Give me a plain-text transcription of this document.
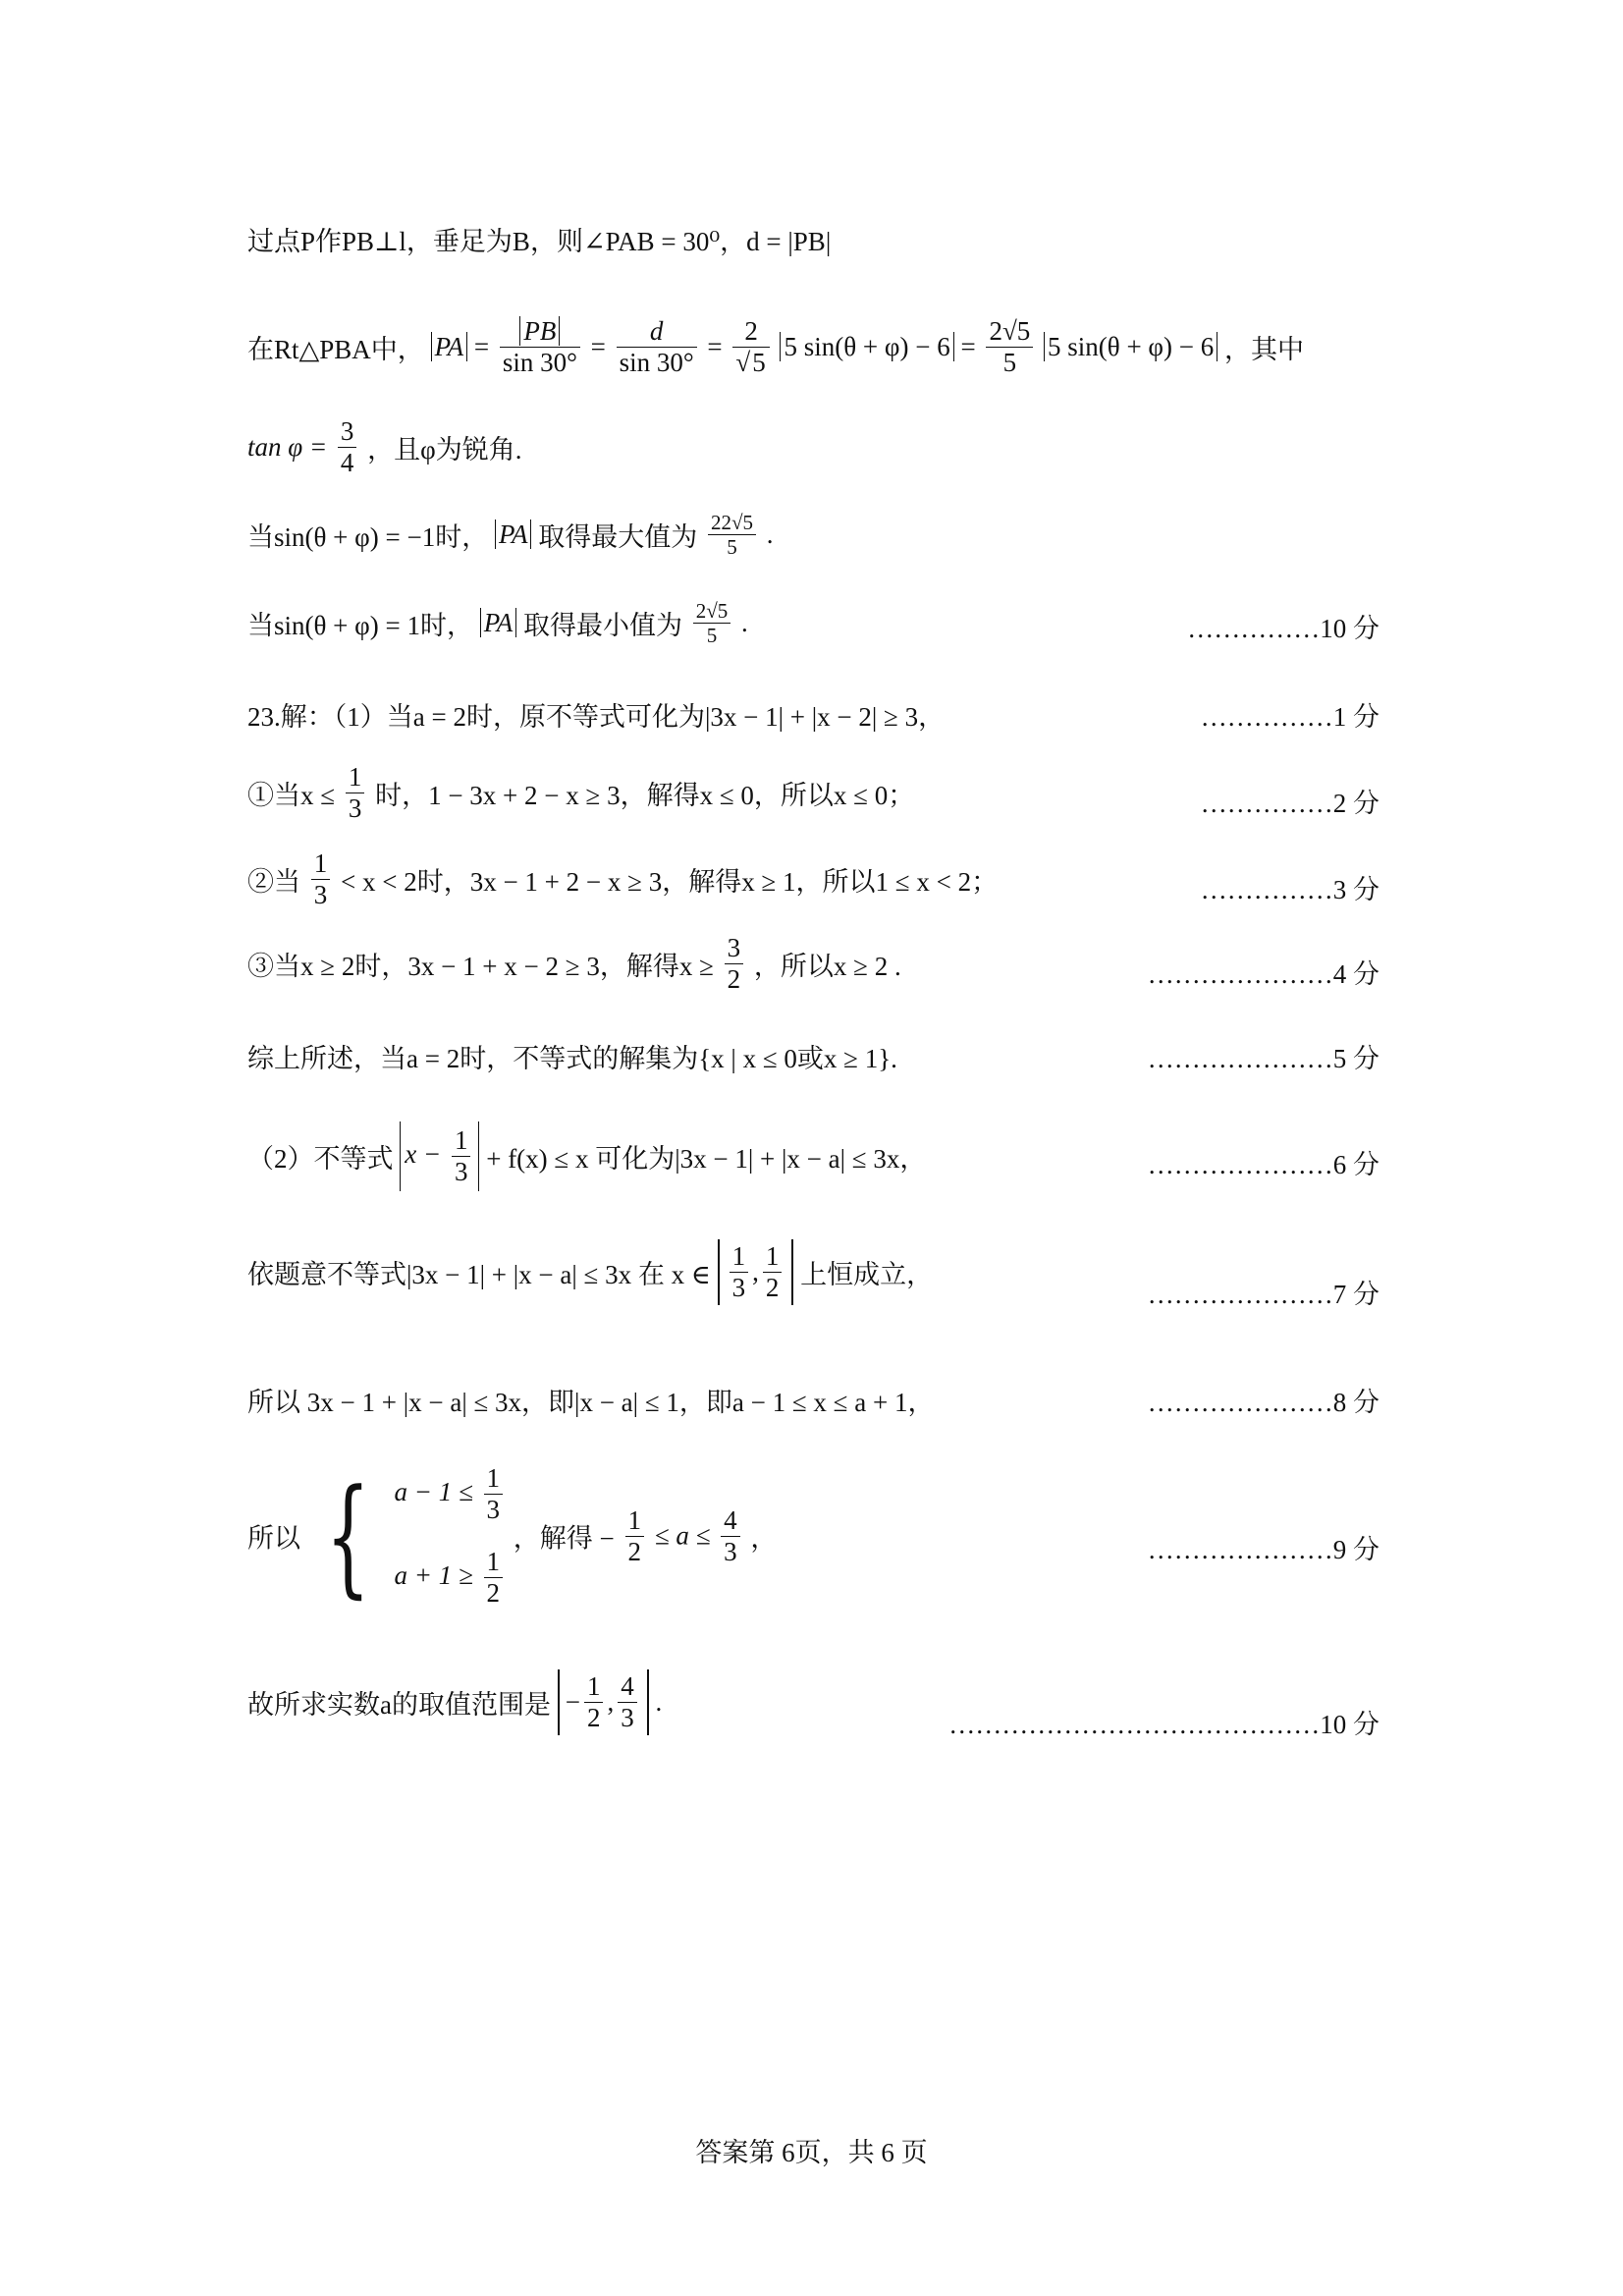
过点P作PB⊥l，垂足为B，则∠PAB = 30⁰，d = |PB|
在Rt△PBA中， PA = $\frac{PB}{\sin 30^\circ} = \frac{d}{\sin 30^\circ} = \frac{2}{√5} 5$ $\sin(\theta + \varphi) - 6 = \frac{2√5}{5} 5$ sin(θ + φ) − 6 ，其中
$\tan \varphi = \frac{3}{4}$ ，且φ为锐角.
当sin(θ + φ) = −1时， PA 取得最大值为 $\frac{22√5}{5}$ .
当sin(θ + φ) = 1时， PA 取得最小值为 $\frac{2√5}{5}$ .	……………10 分
23.解：（1）当a = 2时，原不等式可化为|3x − 1| + |x − 2| ≥ 3，	……………1 分
①当$x \le \frac{1}{3}$ 时，1 − 3x + 2 − x ≥ 3，解得x ≤ 0，所以x ≤ 0；	……………2 分
②当 $\frac{1}{3} < x < 2$时，3x − 1 + 2 − x ≥ 3，解得x ≥ 1，所以1 ≤ x < 2；	……………3 分
③当x ≥ 2时，3x − 1 + x − 2 ≥ 3，解得$x \ge \frac{3}{2}$ ，所以x ≥ 2 .	…………………4 分
综上所述，当a = 2时，不等式的解集为{x | x ≤ 0或x ≥ 1}.	…………………5 分
（2）不等式 $x - \frac{1}{3} + f(x) \le x$ 可化为|3x − 1| + |x − a| ≤ 3x，	…………………6 分
依题意不等式|3x − 1| + |x − a| ≤ 3x 在 x ∈ $\frac{1}{3}$ , $\frac{1}{2}$ 上恒成立，
…………………7 分
所以 3x − 1 + |x − a| ≤ 3x，即|x − a| ≤ 1，即a − 1 ≤ x ≤ a + 1，	…………………8 分
所以 { $a - 1 \le \frac{1}{3}$
$a + 1 \ge \frac{1}{2}$
，解得 − $\frac{1}{2} \le a \le \frac{4}{3}$ ，	…………………9 分
故所求实数a的取值范围是 − $\frac{1}{2}$ , $\frac{4}{3}$ .
……………………………………10 分
答案第 6页，共 6 页
